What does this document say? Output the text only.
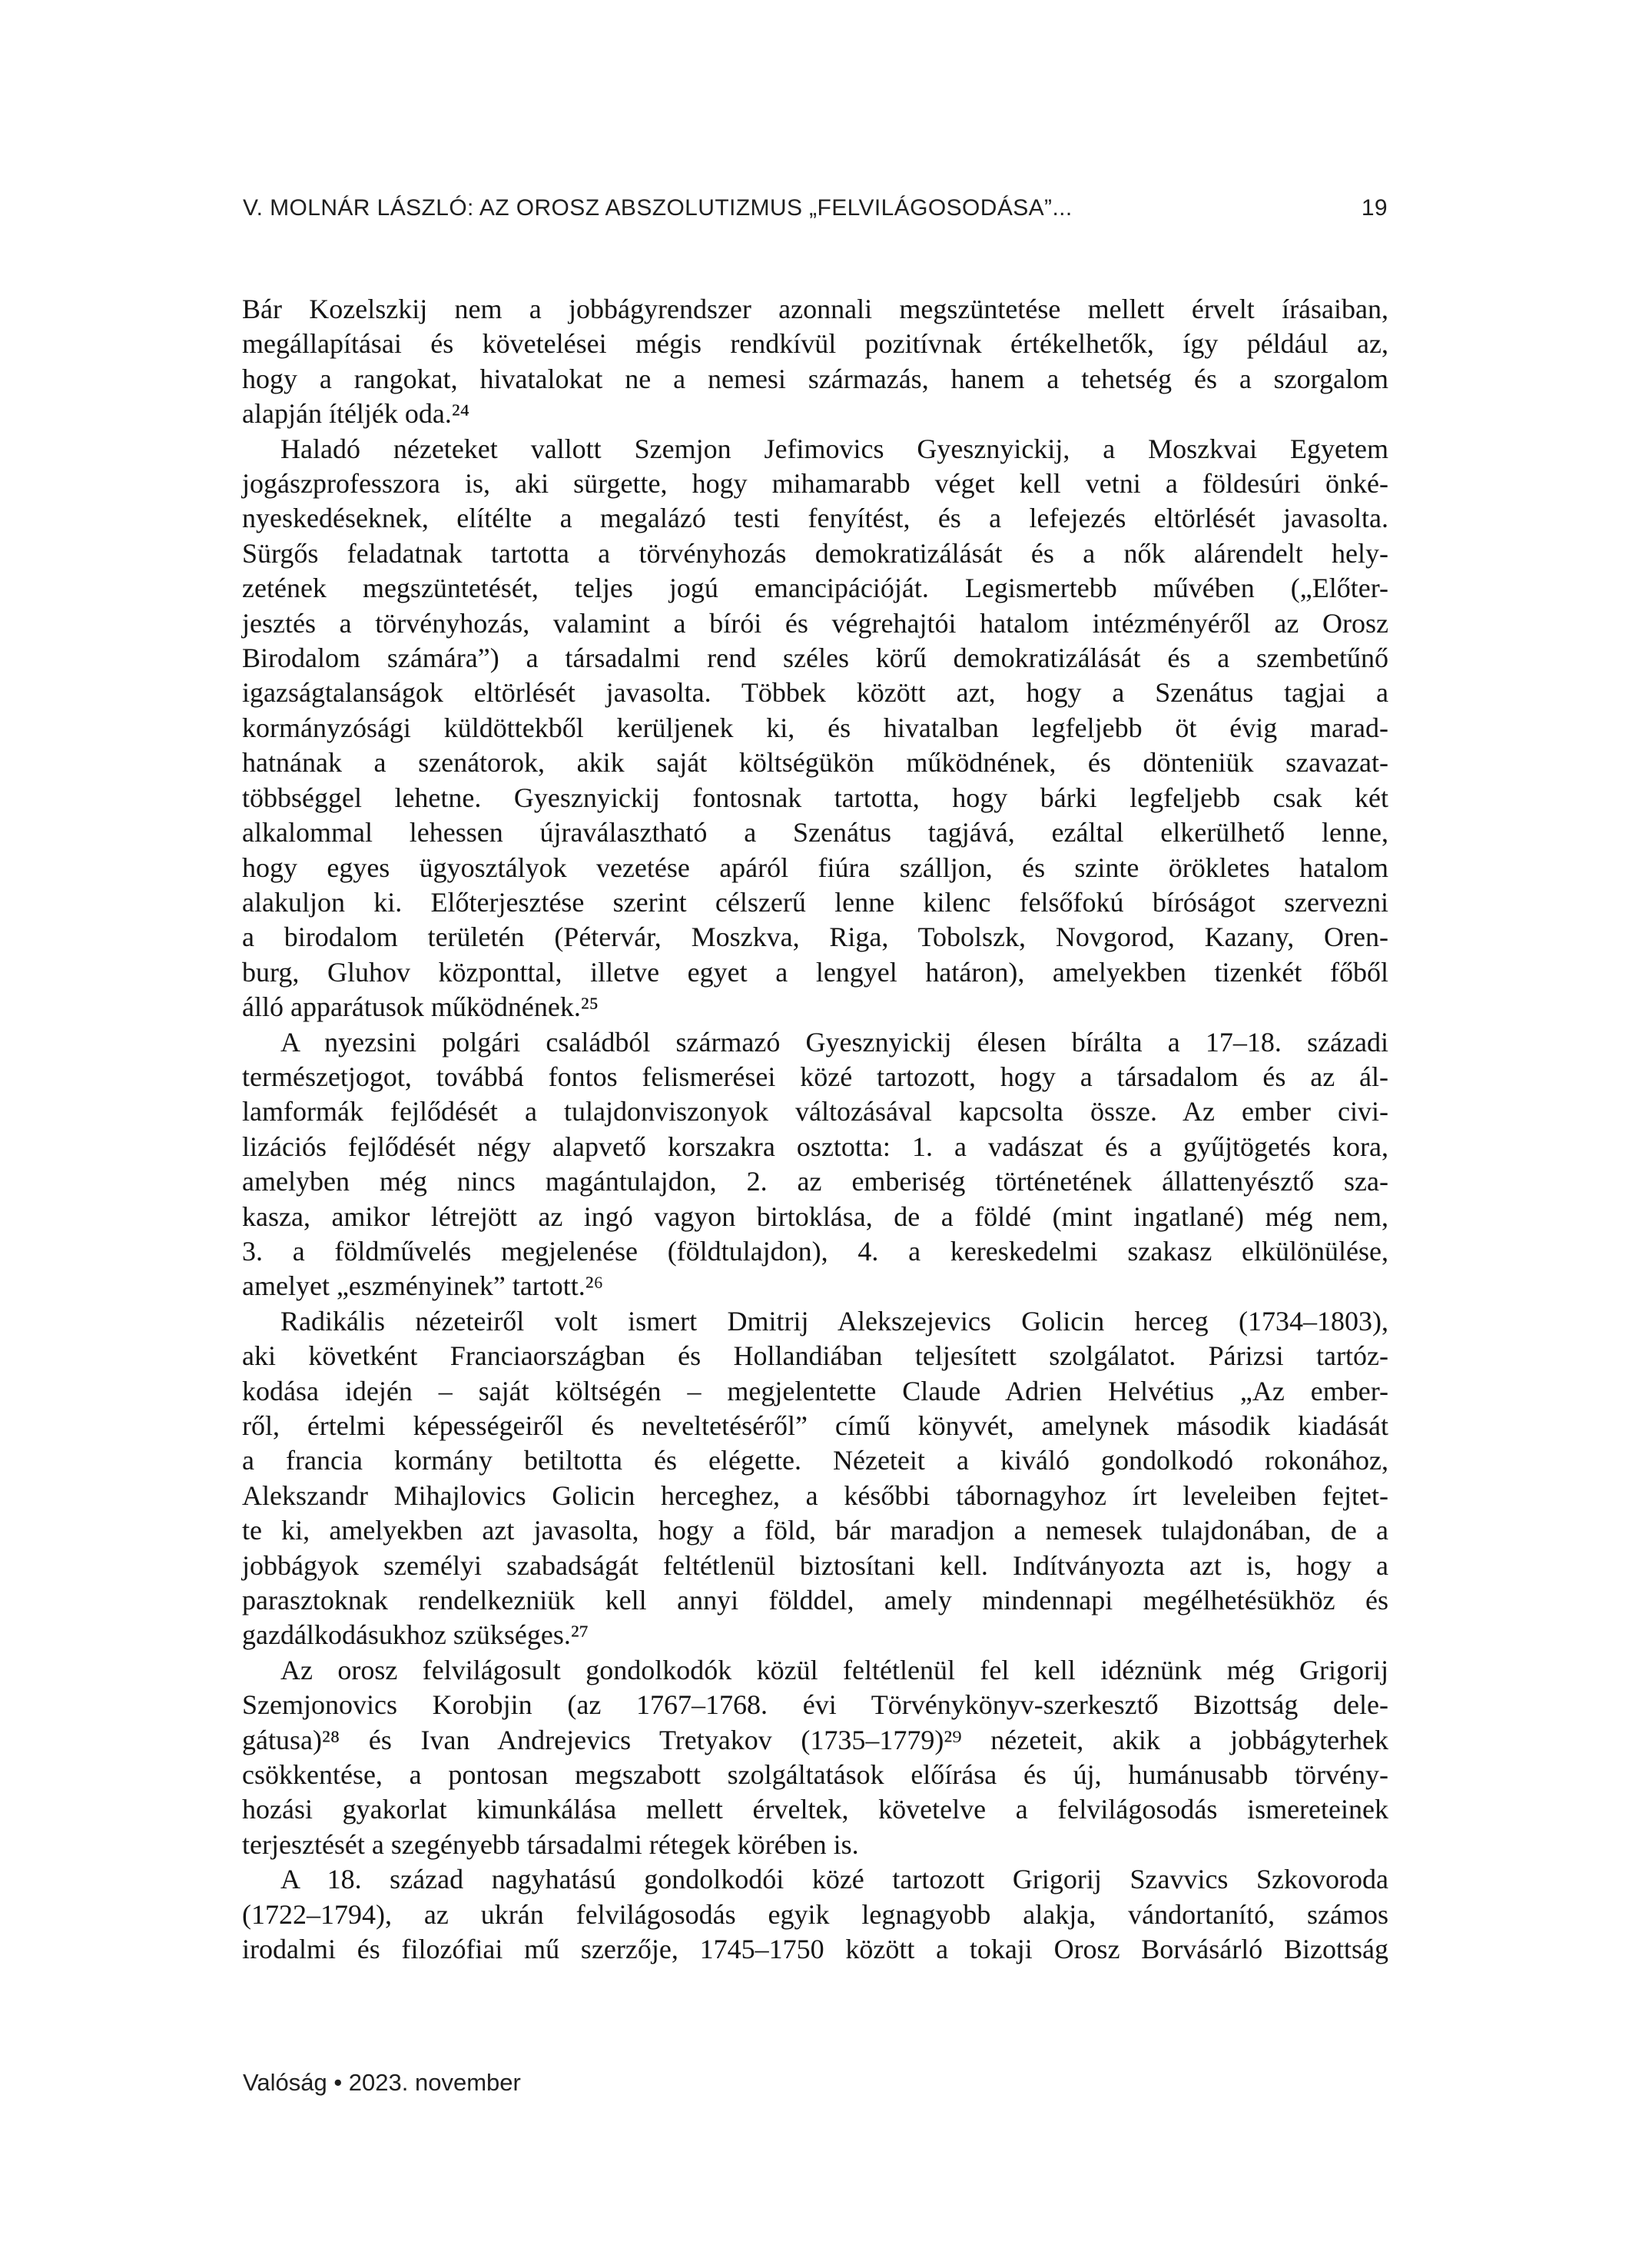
V. MOLNÁR LÁSZLÓ: AZ OROSZ ABSZOLUTIZMUS „FELVILÁGOSODÁSA”...	19
Bár Kozelszkij nem a jobbágyrendszer azonnali megszüntetése mellett érvelt írásaiban,
megállapításai és követelései mégis rendkívül pozitívnak értékelhetők, így például az,
hogy a rangokat, hivatalokat ne a nemesi származás, hanem a tehetség és a szorgalom
alapján ítéljék oda.²⁴
Haladó nézeteket vallott Szemjon Jefimovics Gyesznyickij, a Moszkvai Egyetem
jogászprofesszora is, aki sürgette, hogy mihamarabb véget kell vetni a földesúri önké-
nyeskedéseknek, elítélte a megalázó testi fenyítést, és a lefejezés eltörlését javasolta.
Sürgős feladatnak tartotta a törvényhozás demokratizálását és a nők alárendelt hely-
zetének megszüntetését, teljes jogú emancipációját. Legismertebb művében („Előter-
jesztés a törvényhozás, valamint a bírói és végrehajtói hatalom intézményéről az Orosz
Birodalom számára”) a társadalmi rend széles körű demokratizálását és a szembetűnő
igazságtalanságok eltörlését javasolta. Többek között azt, hogy a Szenátus tagjai a
kormányzósági küldöttekből kerüljenek ki, és hivatalban legfeljebb öt évig marad-
hatnának a szenátorok, akik saját költségükön működnének, és dönteniük szavazat-
többséggel lehetne. Gyesznyickij fontosnak tartotta, hogy bárki legfeljebb csak két
alkalommal lehessen újraválasztható a Szenátus tagjává, ezáltal elkerülhető lenne,
hogy egyes ügyosztályok vezetése apáról fiúra szálljon, és szinte örökletes hatalom
alakuljon ki. Előterjesztése szerint célszerű lenne kilenc felsőfokú bíróságot szervezni
a birodalom területén (Pétervár, Moszkva, Riga, Tobolszk, Novgorod, Kazany, Oren-
burg, Gluhov központtal, illetve egyet a lengyel határon), amelyekben tizenkét főből
álló apparátusok működnének.²⁵
A nyezsini polgári családból származó Gyesznyickij élesen bírálta a 17–18. századi
természetjogot, továbbá fontos felismerései közé tartozott, hogy a társadalom és az ál-
lamformák fejlődését a tulajdonviszonyok változásával kapcsolta össze. Az ember civi-
lizációs fejlődését négy alapvető korszakra osztotta: 1. a vadászat és a gyűjtögetés kora,
amelyben még nincs magántulajdon, 2. az emberiség történetének állattenyésztő sza-
kasza, amikor létrejött az ingó vagyon birtoklása, de a földé (mint ingatlané) még nem,
3. a földművelés megjelenése (földtulajdon), 4. a kereskedelmi szakasz elkülönülése,
amelyet „eszményinek” tartott.²⁶
Radikális nézeteiről volt ismert Dmitrij Alekszejevics Golicin herceg (1734–1803),
aki követként Franciaországban és Hollandiában teljesített szolgálatot. Párizsi tartóz-
kodása idején – saját költségén – megjelentette Claude Adrien Helvétius „Az ember-
ről, értelmi képességeiről és neveltetéséről” című könyvét, amelynek második kiadását
a francia kormány betiltotta és elégette. Nézeteit a kiváló gondolkodó rokonához,
Alekszandr Mihajlovics Golicin herceghez, a későbbi tábornagyhoz írt leveleiben fejtet-
te ki, amelyekben azt javasolta, hogy a föld, bár maradjon a nemesek tulajdonában, de a
jobbágyok személyi szabadságát feltétlenül biztosítani kell. Indítványozta azt is, hogy a
parasztoknak rendelkezniük kell annyi földdel, amely mindennapi megélhetésükhöz és
gazdálkodásukhoz szükséges.²⁷
Az orosz felvilágosult gondolkodók közül feltétlenül fel kell idéznünk még Grigorij
Szemjonovics Korobjin (az 1767–1768. évi Törvénykönyv-szerkesztő Bizottság dele-
gátusa)²⁸ és Ivan Andrejevics Tretyakov (1735–1779)²⁹ nézeteit, akik a jobbágyterhek
csökkentése, a pontosan megszabott szolgáltatások előírása és új, humánusabb törvény-
hozási gyakorlat kimunkálása mellett érveltek, követelve a felvilágosodás ismereteinek
terjesztését a szegényebb társadalmi rétegek körében is.
A 18. század nagyhatású gondolkodói közé tartozott Grigorij Szavvics Szkovoroda
(1722–1794), az ukrán felvilágosodás egyik legnagyobb alakja, vándortanító, számos
irodalmi és filozófiai mű szerzője, 1745–1750 között a tokaji Orosz Borvásárló Bizottság
Valóság • 2023. november
